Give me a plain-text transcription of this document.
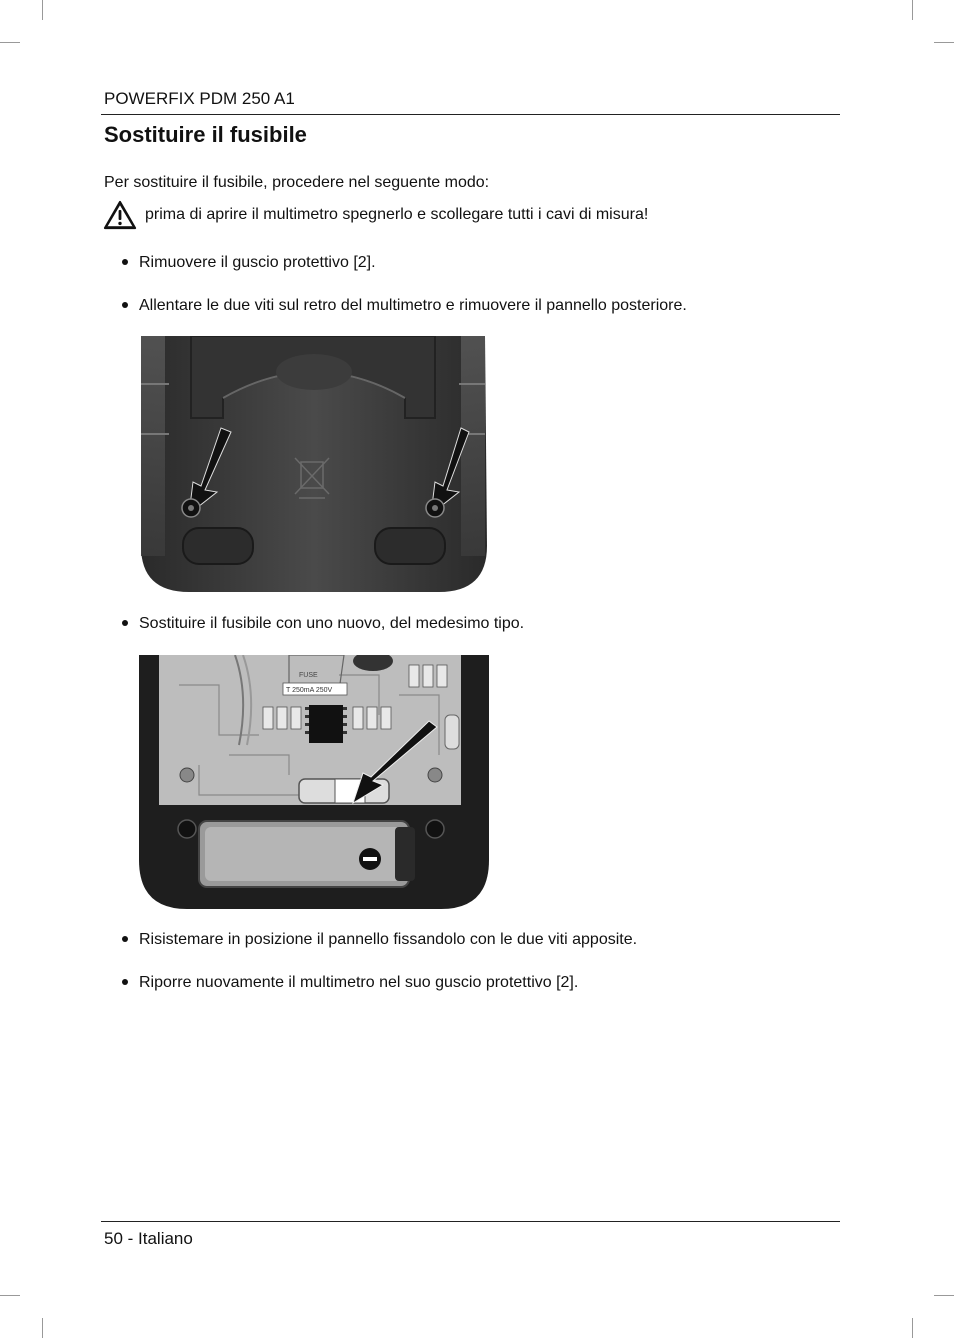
POWERFIX PDM 250 A1
Sostituire il fusibile
Per sostituire il fusibile, procedere nel seguente modo:
prima di aprire il multimetro spegnerlo e scollegare tutti i cavi di misura!
Rimuovere il guscio protettivo [2].
Allentare le due viti sul retro del multimetro e rimuovere il pannello posteriore.
Sostituire il fusibile con uno nuovo, del medesimo tipo.
FUSE
T 250mA 250V
Risistemare in posizione il pannello fissandolo con le due viti apposite.
Riporre nuovamente il multimetro nel suo guscio protettivo [2].
50 - Italiano
